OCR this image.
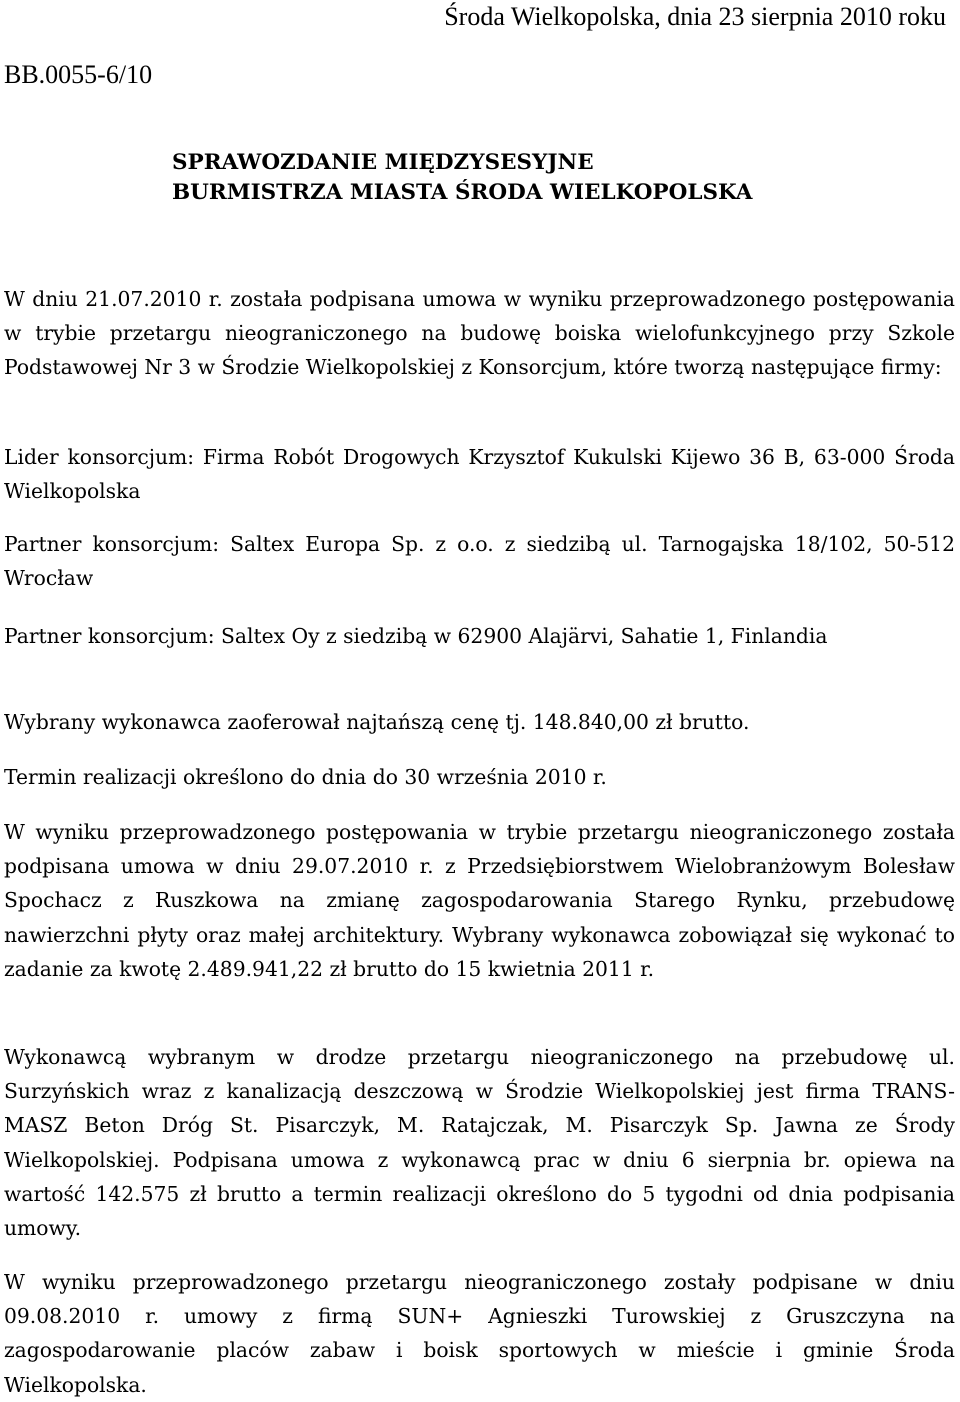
Środa Wielkopolska, dnia 23 sierpnia 2010 roku
BB.0055-6/10
SPRAWOZDANIE MIĘDZYSESYJNE
BURMISTRZA MIASTA ŚRODA WIELKOPOLSKA

W dniu 21.07.2010 r. została podpisana umowa w wyniku przeprowadzonego postępowania w trybie przetargu nieograniczonego na budowę boiska wielofunkcyjnego przy Szkole Podstawowej Nr 3 w Środzie Wielkopolskiej z Konsorcjum, które tworzą następujące firmy:

Lider konsorcjum: Firma Robót Drogowych Krzysztof Kukulski Kijewo 36 B, 63-000 Środa Wielkopolska

Partner konsorcjum: Saltex Europa Sp. z o.o. z siedzibą ul. Tarnogajska 18/102, 50-512 Wrocław

Partner konsorcjum: Saltex Oy z siedzibą w 62900 Alajärvi, Sahatie 1, Finlandia

Wybrany wykonawca zaoferował najtańszą cenę tj. 148.840,00 zł brutto.

Termin realizacji określono do dnia do 30 września 2010 r.

W wyniku przeprowadzonego postępowania w trybie przetargu nieograniczonego została podpisana umowa w dniu 29.07.2010 r. z Przedsiębiorstwem Wielobranżowym Bolesław Spochacz z Ruszkowa na zmianę zagospodarowania Starego Rynku, przebudowę nawierzchni płyty oraz małej architektury. Wybrany wykonawca zobowiązał się wykonać to zadanie za kwotę 2.489.941,22 zł brutto do 15 kwietnia 2011 r.

Wykonawcą wybranym w drodze przetargu nieograniczonego na przebudowę ul. Surzyńskich wraz z kanalizacją deszczową w Środzie Wielkopolskiej jest firma TRANS-MASZ Beton Dróg St. Pisarczyk, M. Ratajczak, M. Pisarczyk Sp. Jawna ze Środy Wielkopolskiej. Podpisana umowa z wykonawcą prac w dniu 6 sierpnia br. opiewa na wartość 142.575 zł brutto a termin realizacji określono do 5 tygodni od dnia podpisania umowy.

W wyniku przeprowadzonego przetargu nieograniczonego zostały podpisane w dniu 09.08.2010 r. umowy z firmą SUN+ Agnieszki Turowskiej z Gruszczyna na zagospodarowanie placów zabaw i boisk sportowych w mieście i gminie Środa Wielkopolska.
